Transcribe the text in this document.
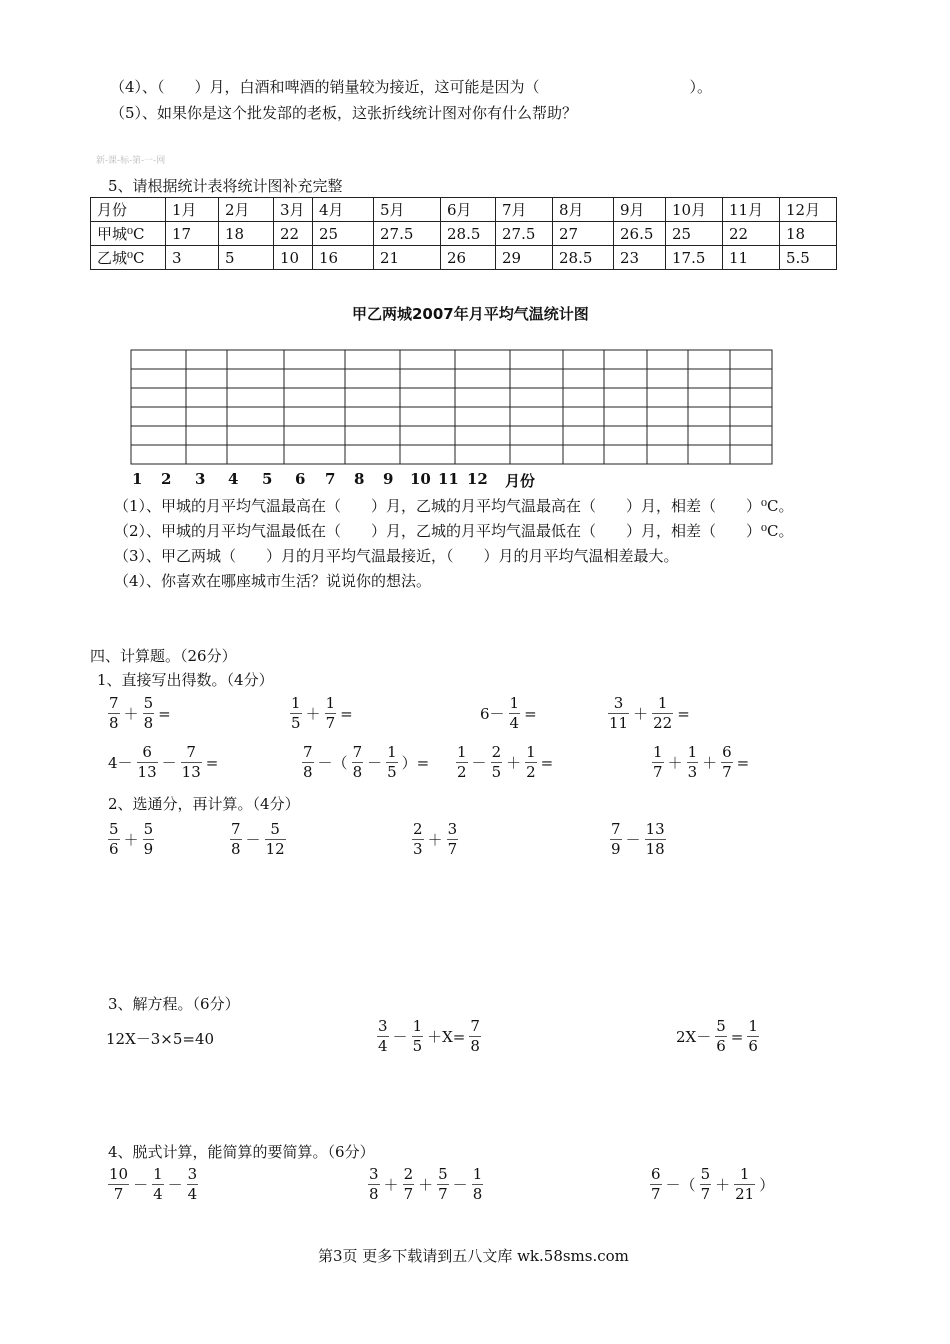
（4）、（　　）月，白酒和啤酒的销量较为接近，这可能是因为（　　　　　　　　　　）。
（5）、如果你是这个批发部的老板，这张折线统计图对你有什么帮助？
新-课-标-第-一-网
5、请根据统计表将统计图补充完整
月份	1月	2月	3月	4月	5月	6月	7月	8月	9月	10月	11月	12月
甲城⁰C	17	18	22	25	27.5	28.5	27.5	27	26.5	25	22	18
乙城⁰C	3	5	10	16	21	26	29	28.5	23	17.5	11	5.5
甲乙两城2007年月平均气温统计图
1 2 3 4 5 6 7 8 9 10 11 12 月份
（1）、甲城的月平均气温最高在（　　）月，乙城的月平均气温最高在（　　）月，相差（　　）⁰C。
（2）、甲城的月平均气温最低在（　　）月，乙城的月平均气温最低在（　　）月，相差（　　）⁰C。
（3）、甲乙两城（　　）月的月平均气温最接近，（　　）月的月平均气温相差最大。
（4）、你喜欢在哪座城市生活？说说你的想法。
四、计算题。（26分）
1、直接写出得数。（4分）
$\frac{7}{8} + \frac{5}{8}$ =	$\frac{1}{5} + \frac{1}{7}$ =	$6- \frac{1}{4}$ =	$\frac{3}{11} + \frac{1}{22}$ =
$4- \frac{6}{13} - \frac{7}{13}$ =	$\frac{7}{8}$ －（ $\frac{7}{8} - \frac{1}{5}$ ）= $\frac{1}{2} - \frac{2}{5} + \frac{1}{2}$ =	$\frac{1}{7} + \frac{1}{3} + \frac{6}{7}$ =
2、选通分，再计算。（4分）
$\frac{5}{6} + \frac{5}{9}$	$\frac{7}{8} - \frac{5}{12}$	$\frac{2}{3} + \frac{3}{7}$	$\frac{7}{9} - \frac{13}{18}$
3、解方程。（6分）
12X－3×5=40	$\frac{3}{4} - \frac{1}{5} +X= \frac{7}{8}$	$2X- \frac{5}{6} = \frac{1}{6}$
4、脱式计算，能简算的要简算。（6分）
$\frac{10}{7} - \frac{1}{4} - \frac{3}{4}$	$\frac{3}{8} + \frac{2}{7} + \frac{5}{7} - \frac{1}{8}$	$\frac{6}{7}$ －（ $\frac{5}{7} + \frac{1}{21}$ ）
第3页 更多下载请到五八文库 wk.58sms.com
